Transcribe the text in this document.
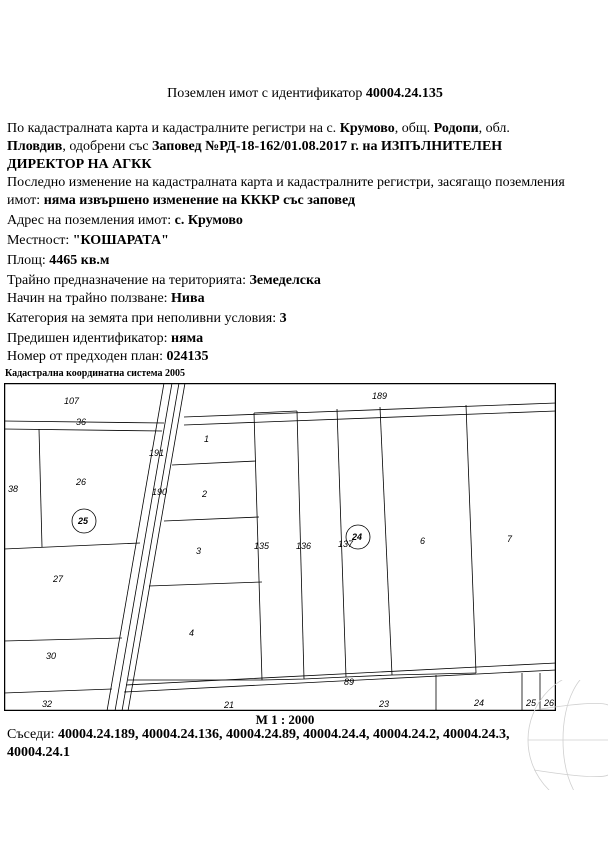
Поземлен имот с идентификатор 40004.24.135
По кадастралната карта и кадастралните регистри на с. Крумово, общ. Родопи, обл.
Пловдив, одобрени със Заповед №РД-18-162/01.08.2017 г. на ИЗПЪЛНИТЕЛЕН
ДИРЕКТОР НА АГКК
Последно изменение на кадастралната карта и кадастралните регистри, засягащо поземления
имот: няма извършено изменение на КККР със заповед
Адрес на поземления имот: с. Крумово
Местност: "КОШАРАТА"
Площ: 4465 кв.м
Трайно предназначение на територията: Земеделска
Начин на трайно ползване: Нива
Категория на земята при неполивни условия: 3
Предишен идентификатор: няма
Номер от предходен план: 024135
Кадастрална координатна система 2005
107
36
189
191
1
190	2
26
38
25
3	135	136	137
24	6	7
27
4
30
89
32	21	23	24	25 26
М 1 : 2000
Съседи: 40004.24.189, 40004.24.136, 40004.24.89, 40004.24.4, 40004.24.2, 40004.24.3,
40004.24.1
